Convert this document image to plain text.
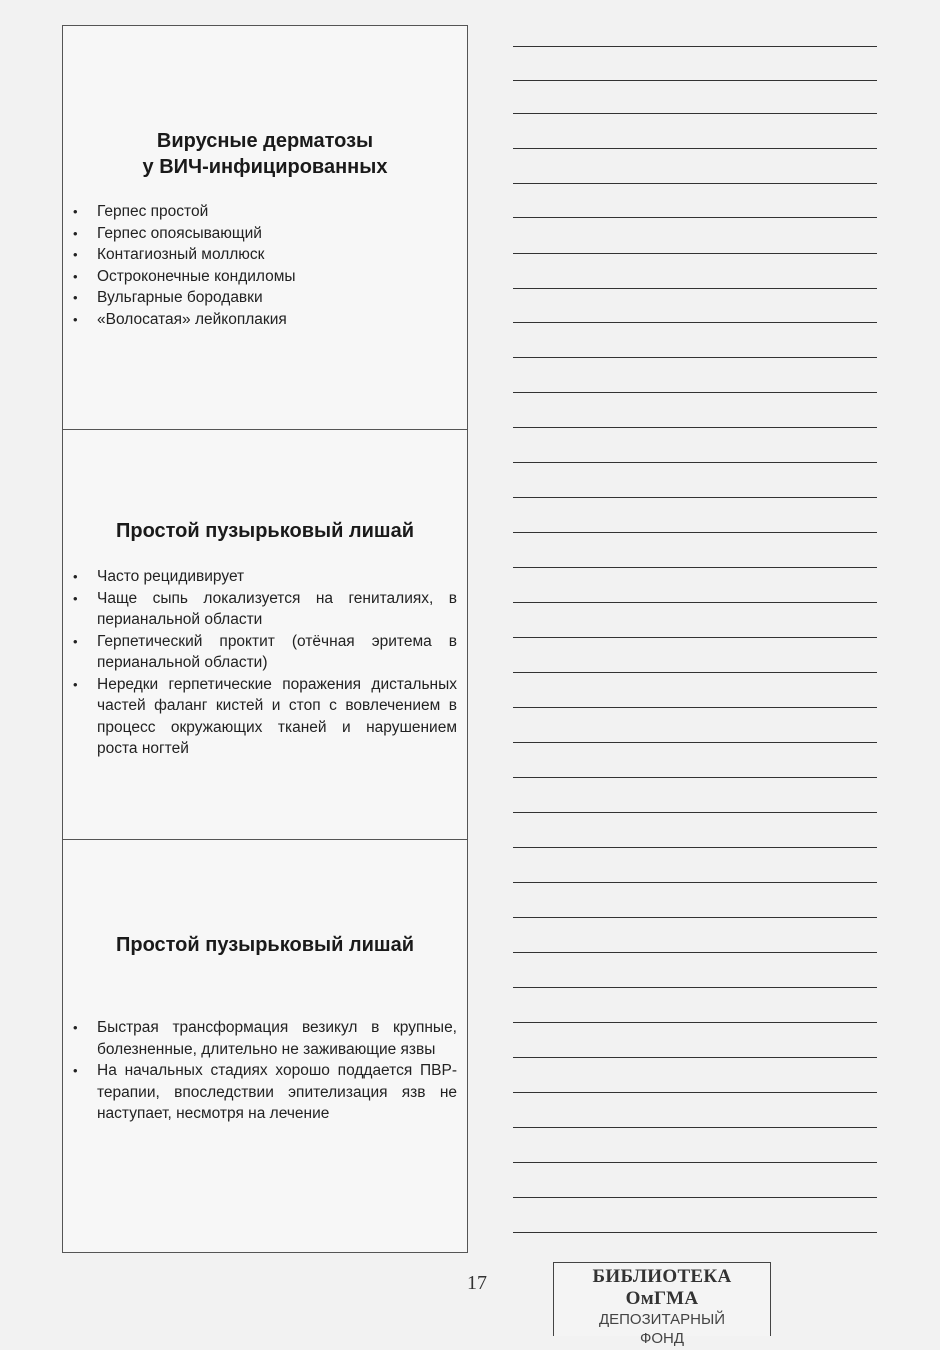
Вирусные дерматозы
у ВИЧ-инфицированных
• Герпес простой
• Герпес опоясывающий
• Контагиозный моллюск
• Остроконечные кондиломы
• Вульгарные бородавки
• «Волосатая» лейкоплакия
Простой пузырьковый лишай
• Часто рецидивирует
• Чаще сыпь локализуется на гениталиях, в перианальной области
• Герпетический проктит (отёчная эритема в перианальной области)
• Нередки герпетические поражения дистальных частей фаланг кистей и стоп с вовлечением в процесс окружающих тканей и нарушением роста ногтей
Простой пузырьковый лишай
• Быстрая трансформация везикул в крупные, болезненные, длительно не заживающие язвы
• На начальных стадиях хорошо поддается ПВР-терапии, впоследствии эпителизация язв не наступает, несмотря на лечение
17	БИБЛИОТЕКА ОмГМА
ДЕПОЗИТАРНЫЙ
ФОНД
